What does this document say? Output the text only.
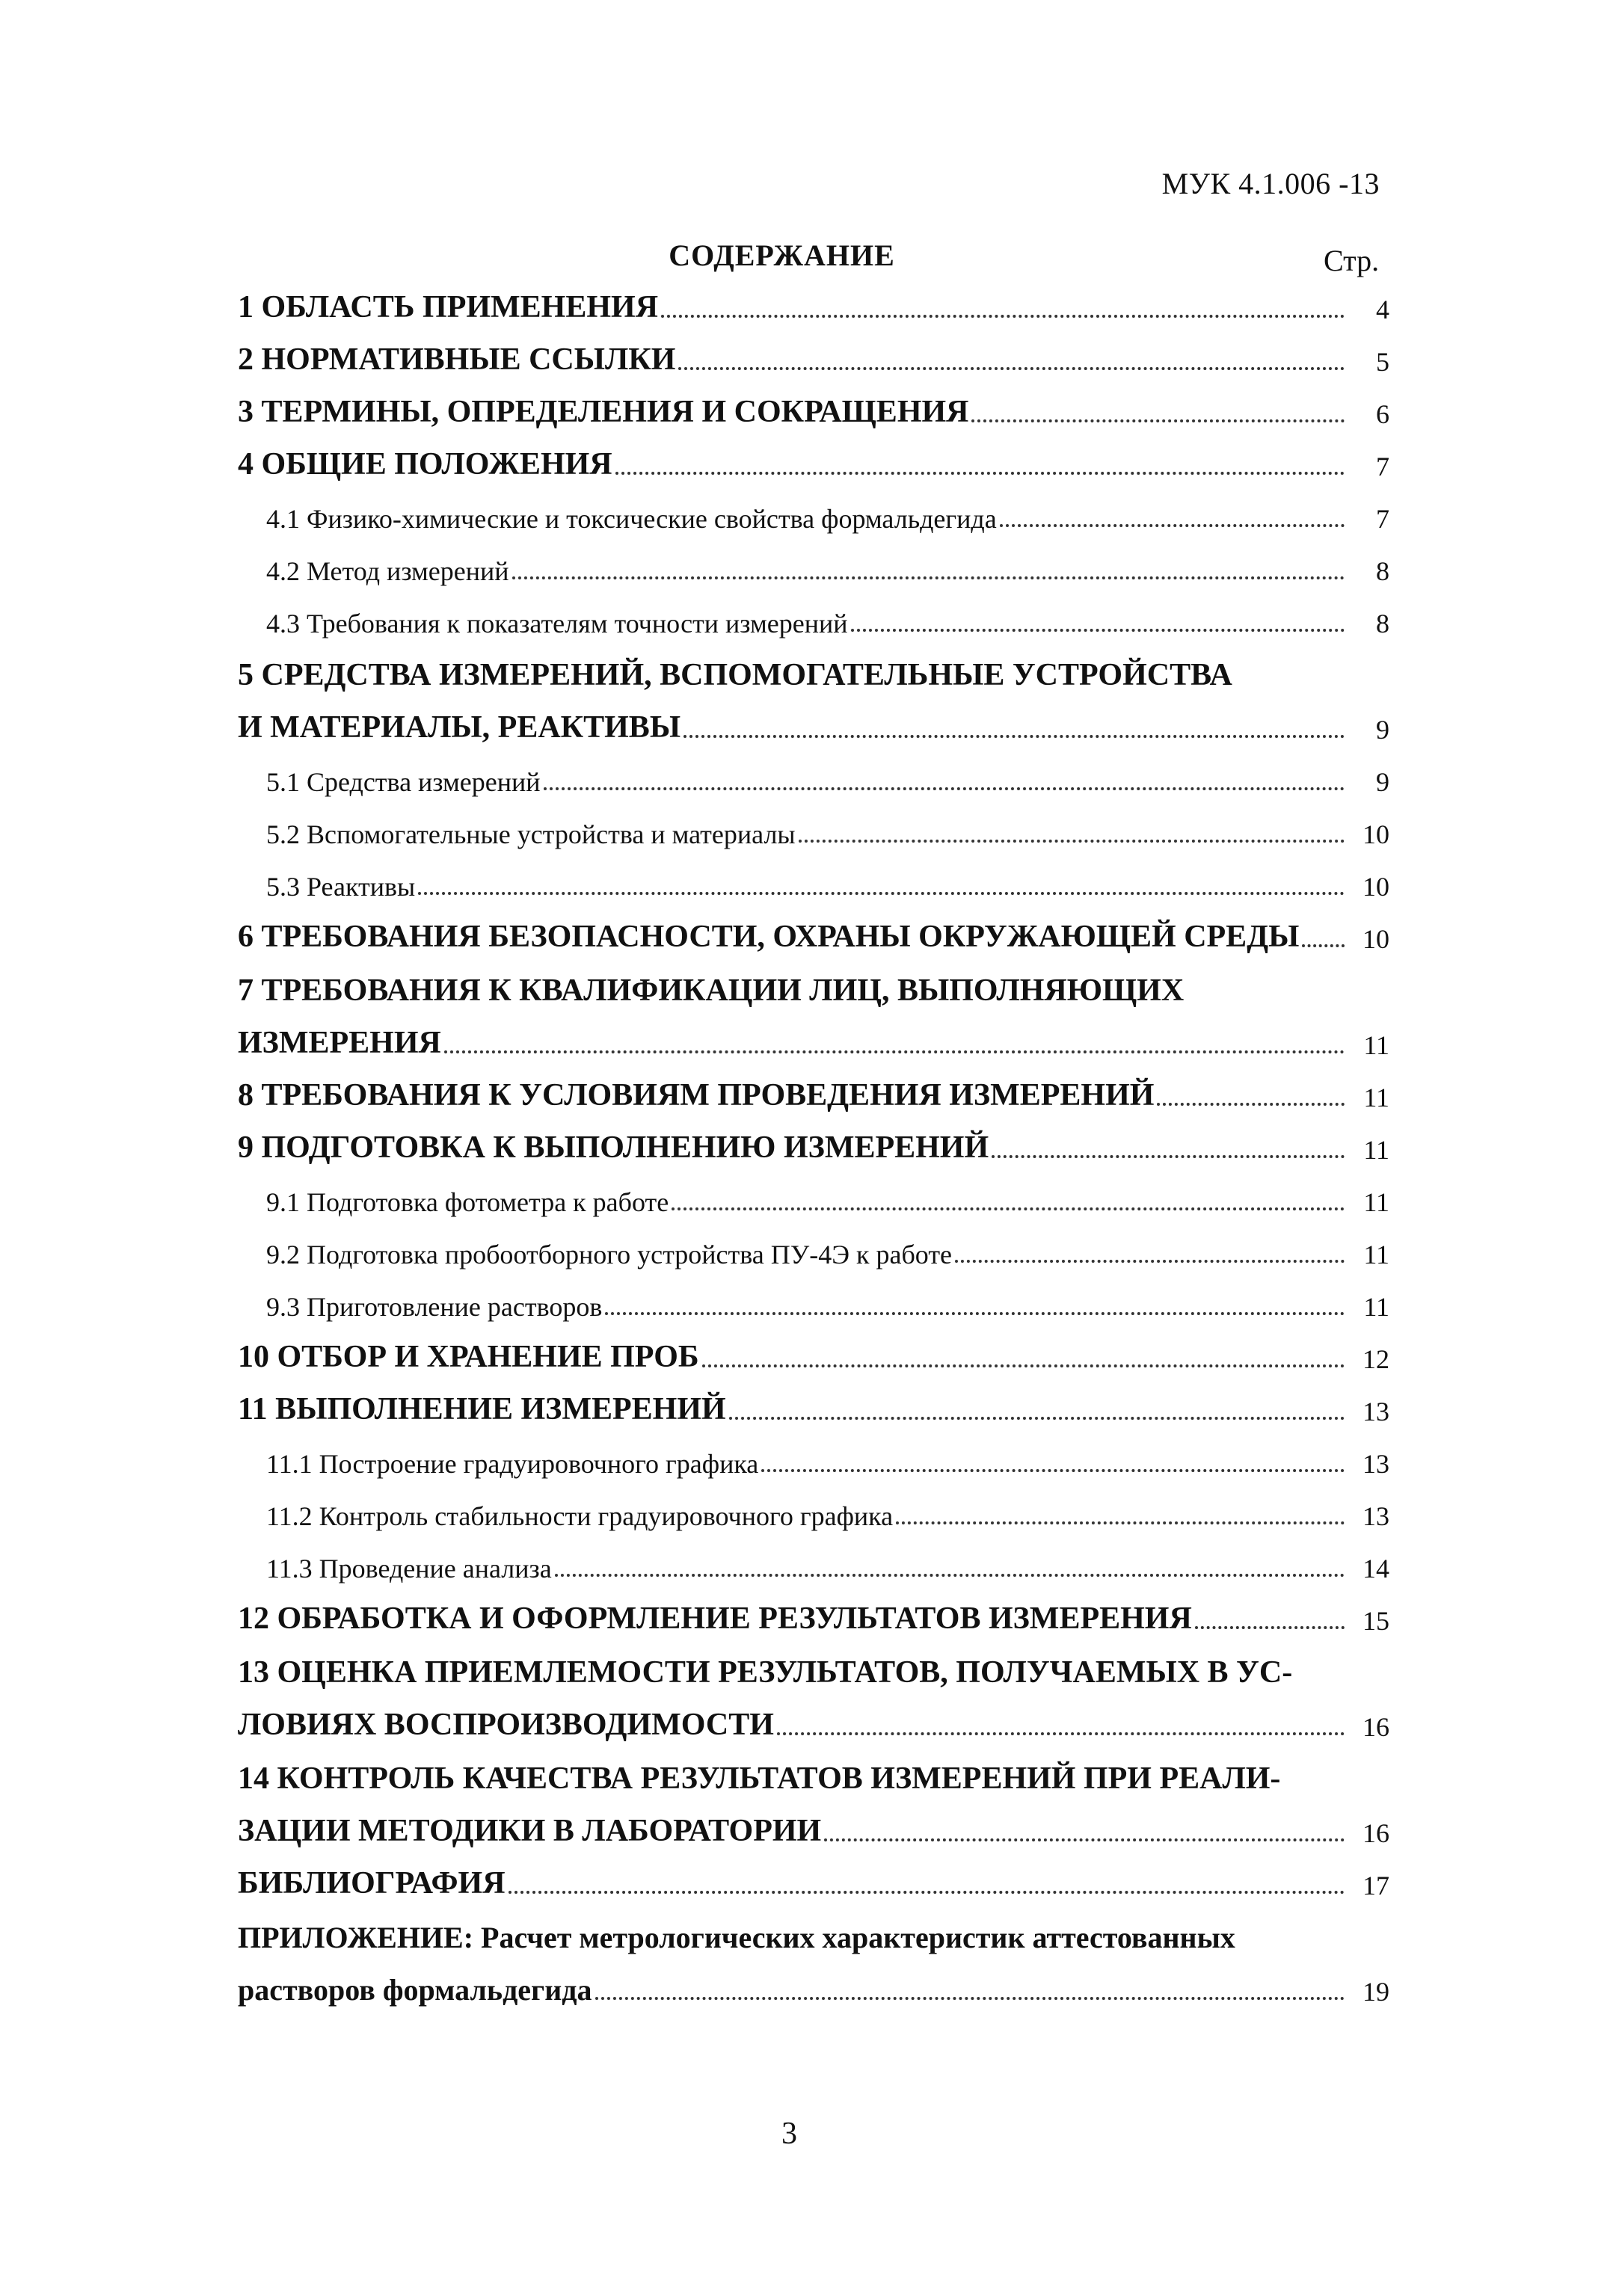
МУК 4.1.006 -13
СОДЕРЖАНИЕ	Стр.
1 ОБЛАСТЬ ПРИМЕНЕНИЯ	4
2 НОРМАТИВНЫЕ ССЫЛКИ	5
3 ТЕРМИНЫ, ОПРЕДЕЛЕНИЯ И СОКРАЩЕНИЯ	6
4 ОБЩИЕ ПОЛОЖЕНИЯ	7
4.1 Физико-химические и токсические свойства формальдегида	7
4.2 Метод измерений	8
4.3 Требования к показателям точности измерений	8
5 СРЕДСТВА ИЗМЕРЕНИЙ, ВСПОМОГАТЕЛЬНЫЕ УСТРОЙСТВА
И МАТЕРИАЛЫ, РЕАКТИВЫ	9
5.1 Средства измерений	9
5.2 Вспомогательные устройства и материалы	10
5.3 Реактивы	10
6 ТРЕБОВАНИЯ БЕЗОПАСНОСТИ, ОХРАНЫ ОКРУЖАЮЩЕЙ СРЕДЫ 10
7 ТРЕБОВАНИЯ К КВАЛИФИКАЦИИ ЛИЦ, ВЫПОЛНЯЮЩИХ
ИЗМЕРЕНИЯ	11
8 ТРЕБОВАНИЯ К УСЛОВИЯМ ПРОВЕДЕНИЯ ИЗМЕРЕНИЙ	11
9 ПОДГОТОВКА К ВЫПОЛНЕНИЮ ИЗМЕРЕНИЙ	11
9.1 Подготовка фотометра к работе	11
9.2 Подготовка пробоотборного устройства ПУ-4Э к работе	11
9.3 Приготовление растворов	11
10 ОТБОР И ХРАНЕНИЕ ПРОБ	12
11 ВЫПОЛНЕНИЕ ИЗМЕРЕНИЙ	13
11.1 Построение градуировочного графика	13
11.2 Контроль стабильности градуировочного графика	13
11.3 Проведение анализа	14
12 ОБРАБОТКА И ОФОРМЛЕНИЕ РЕЗУЛЬТАТОВ ИЗМЕРЕНИЯ	15
13 ОЦЕНКА ПРИЕМЛЕМОСТИ РЕЗУЛЬТАТОВ, ПОЛУЧАЕМЫХ В УС-
ЛОВИЯХ ВОСПРОИЗВОДИМОСТИ	16
14 КОНТРОЛЬ КАЧЕСТВА РЕЗУЛЬТАТОВ ИЗМЕРЕНИЙ ПРИ РЕАЛИ-
ЗАЦИИ МЕТОДИКИ В ЛАБОРАТОРИИ	16
БИБЛИОГРАФИЯ	17
ПРИЛОЖЕНИЕ: Расчет метрологических характеристик аттестованных
растворов формальдегида	19
3
